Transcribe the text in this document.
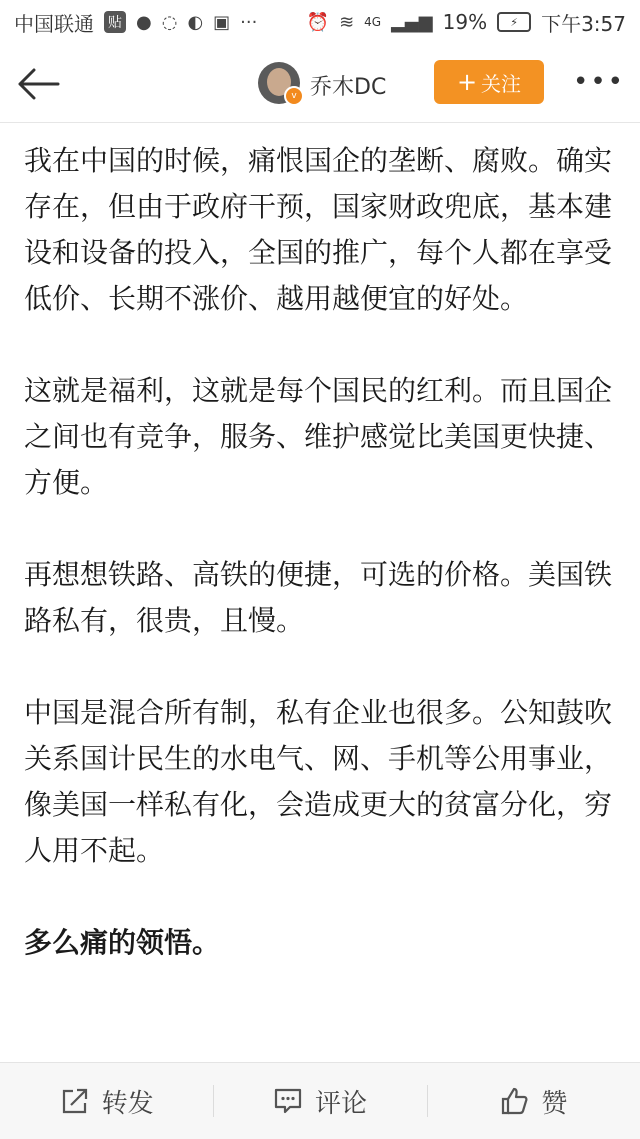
中国联通 贴 ● ◌ ◐ ▣ ···	⏰ ≋ 4G ▂▄▆ 19%	⚡	下午3:57
v 乔木DC	+ 关注 •••

我在中国的时候，痛恨国企的垄断、腐败。确实存在，但由于政府干预，国家财政兜底，基本建设和设备的投入，全国的推广，每个人都在享受低价、长期不涨价、越用越便宜的好处。

这就是福利，这就是每个国民的红利。而且国企之间也有竞争，服务、维护感觉比美国更快捷、方便。

再想想铁路、高铁的便捷，可选的价格。美国铁路私有，很贵，且慢。

中国是混合所有制，私有企业也很多。公知鼓吹关系国计民生的水电气、网、手机等公用事业，像美国一样私有化，会造成更大的贫富分化，穷人用不起。

多么痛的领悟。

转发	评论	赞
